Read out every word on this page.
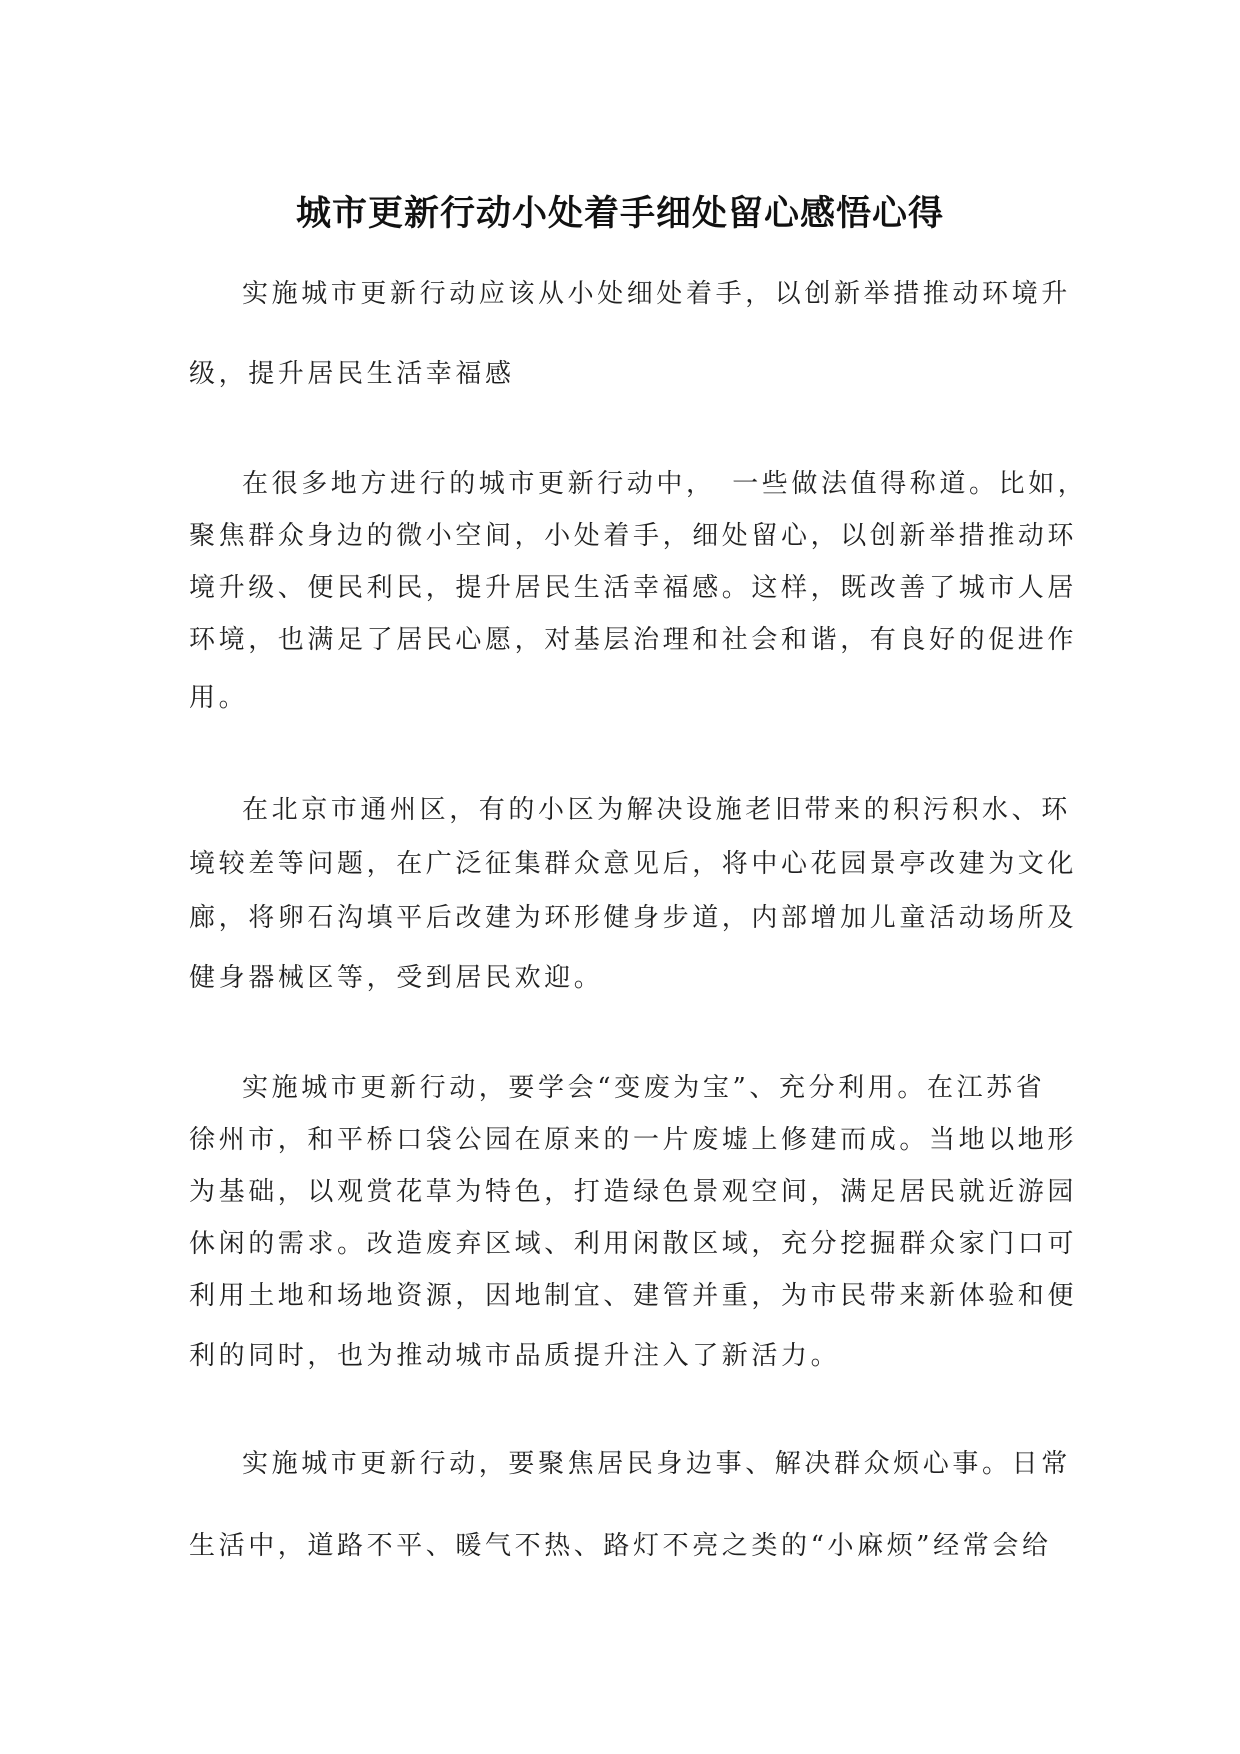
城市更新行动小处着手细处留心感悟心得
实施城市更新行动应该从小处细处着手，以创新举措推动环境升
级，提升居民生活幸福感
在很多地方进行的城市更新行动中，　一些做法值得称道。比如，
聚焦群众身边的微小空间，小处着手，细处留心，以创新举措推动环
境升级、便民利民，提升居民生活幸福感。这样，既改善了城市人居
环境，也满足了居民心愿，对基层治理和社会和谐，有良好的促进作
用。
在北京市通州区，有的小区为解决设施老旧带来的积污积水、环
境较差等问题，在广泛征集群众意见后，将中心花园景亭改建为文化
廊，将卵石沟填平后改建为环形健身步道，内部增加儿童活动场所及
健身器械区等，受到居民欢迎。
实施城市更新行动，要学会“变废为宝”、充分利用。在江苏省
徐州市，和平桥口袋公园在原来的一片废墟上修建而成。当地以地形
为基础，以观赏花草为特色，打造绿色景观空间，满足居民就近游园
休闲的需求。改造废弃区域、利用闲散区域，充分挖掘群众家门口可
利用土地和场地资源，因地制宜、建管并重，为市民带来新体验和便
利的同时，也为推动城市品质提升注入了新活力。
实施城市更新行动，要聚焦居民身边事、解决群众烦心事。日常
生活中，道路不平、暖气不热、路灯不亮之类的“小麻烦”经常会给
